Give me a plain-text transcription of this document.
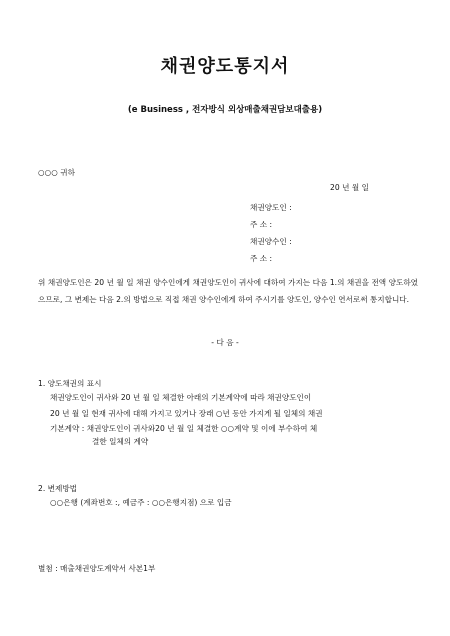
채권양도통지서
(e Business , 전자방식 외상매출채권담보대출용)
○○○ 귀하
20 년 월 일
채권양도인 :
주 소 :
채권양수인 :
주 소 :
위 채권양도인은 20 년 월 일 채권 양수인에게 채권양도인이 귀사에 대하여 가지는 다음 1.의 채권을 전액 양도하였으므로, 그 변제는 다음 2.의 방법으로 직접 채권 양수인에게 하여 주시기를 양도인, 양수인 연서로써 통지합니다.
- 다 음 -
1. 양도채권의 표시
채권양도인이 귀사와 20 년 월 일 체결한 아래의 기본계약에 따라 채권양도인이
20 년 월 일 현재 귀사에 대해 가지고 있거나 장래 ○년 동안 가지게 될 일체의 채권
기본계약 : 채권양도인이 귀사와20 년 월 일 체결한 ○○계약 및 이에 부수하여 체
결한 일체의 계약
2. 변제방법
○○은행 (계좌번호 :, 예금주 : ○○은행지점) 으로 입금
별첨 : 매출채권양도계약서 사본1부
